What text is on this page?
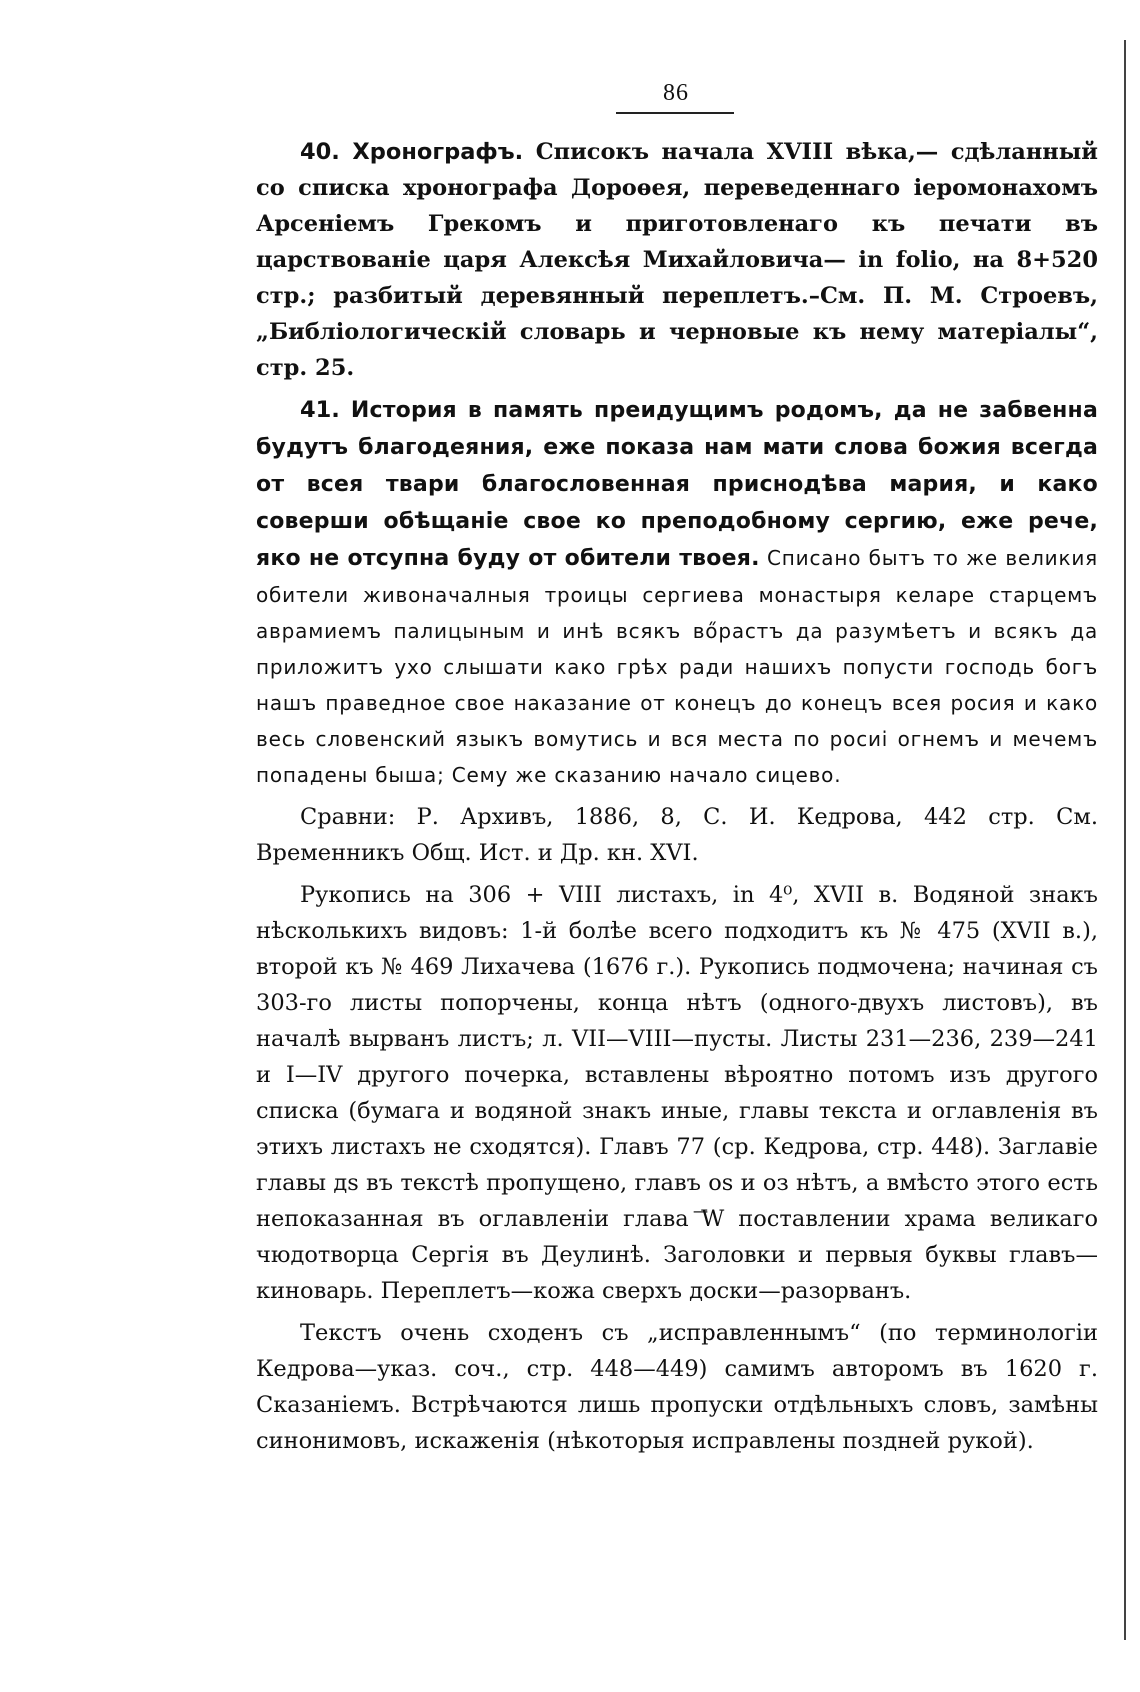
86

40. Хронографъ. Списокъ начала XVIII вѣка,— сдѣланный со списка хронографа Дороѳея, переведеннаго іеромонахомъ Арсеніемъ Грекомъ и приготовленаго къ печати въ царствованіе царя Алексѣя Михайловича— in folio, на 8+520 стр.; разбитый деревянный переплетъ.–См. П. М. Строевъ, „Библіологическій словарь и черновые къ нему матеріалы“, стр. 25.

41. История в память преидущимъ родомъ, да не забвенна будутъ благодеяния, еже показа нам мати слова божия всегда от всея твари благословенная приснодѣва мария, и како соверши обѣщаніе свое ко преподобному сергию, еже рече, яко не отсупна буду от обители твоея. Списано бытъ то же великия обители живоначалныя троицы сергиева монастыря келаре старцемъ аврамиемъ палицыным и инѣ всякъ вőрастъ да разумѣетъ и всякъ да приложитъ ухо слышати како грѣх ради нашихъ попусти господь богъ нашъ праведное свое наказание от конецъ до конецъ всея росия и како весь словенский языкъ вомутись и вся места по росиі огнемъ и мечемъ попадены быша; Сему же сказанию начало сицево.

Сравни: Р. Архивъ, 1886, 8, С. И. Кедрова, 442 стр. См. Временникъ Общ. Ист. и Др. кн. XVI.

Рукопись на 306 + VIII листахъ, in 4⁰, XVII в. Водяной знакъ нѣсколькихъ видовъ: 1-й болѣе всего подходитъ къ № 475 (XVII в.), второй къ № 469 Лихачева (1676 г.). Рукопись подмочена; начиная съ 303-го листы попорчены, конца нѣтъ (одного-двухъ листовъ), въ началѣ вырванъ листъ; л. VII—VIII—пусты. Листы 231—236, 239—241 и I—IV другого почерка, вставлены вѣроятно потомъ изъ другого списка (бумага и водяной знакъ иные, главы текста и оглавленія въ этихъ листахъ не сходятся). Главъ 77 (ср. Кедрова, стр. 448). Заглавіе главы дѕ въ текстѣ пропущено, главъ оѕ и оз нѣтъ, а вмѣсто этого есть непоказанная въ оглавленіи глава ͞W поставлении храма великаго чюдотворца Сергія въ Деулинѣ. Заголовки и первыя буквы главъ—киноварь. Переплетъ—кожа сверхъ доски—разорванъ.

Текстъ очень сходенъ съ „исправленнымъ“ (по терминологіи Кедрова—указ. соч., стр. 448—449) самимъ авторомъ въ 1620 г. Сказаніемъ. Встрѣчаются лишь пропуски отдѣльныхъ словъ, замѣны синонимовъ, искаженія (нѣкоторыя исправлены поздней рукой).
